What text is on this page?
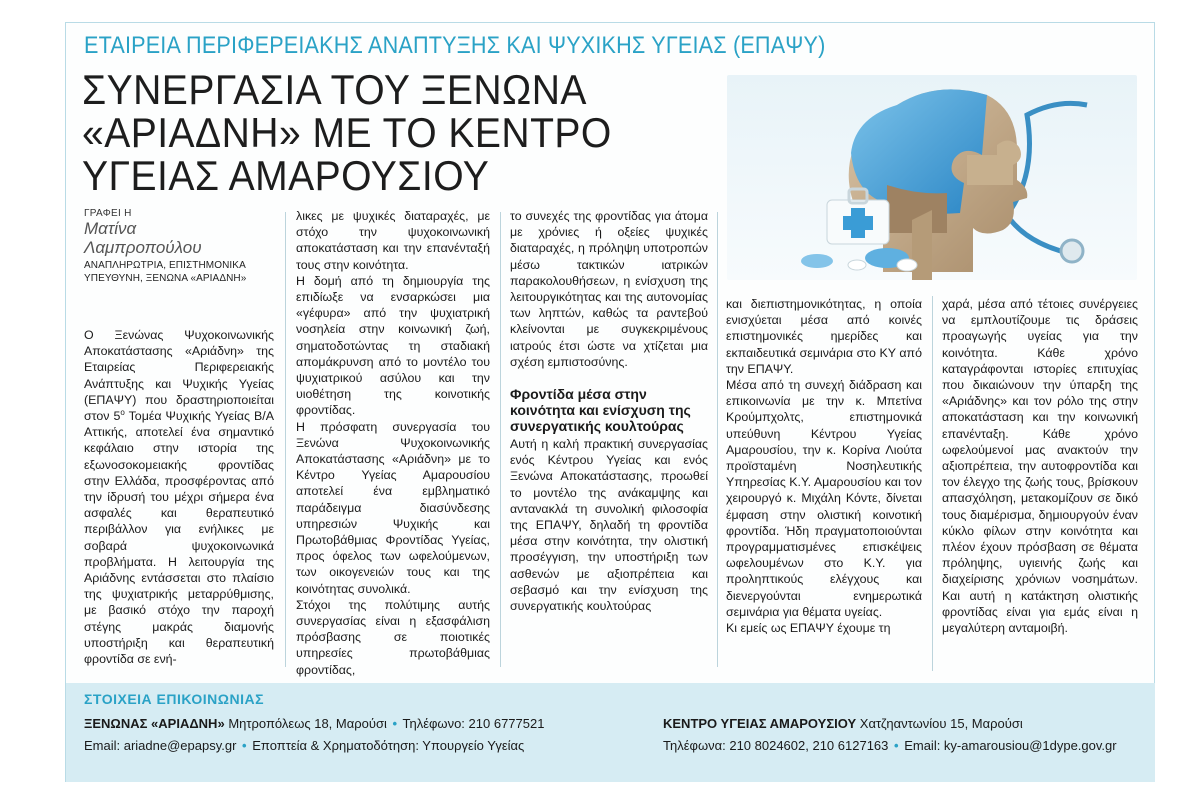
ΕΤΑΙΡΕΙΑ ΠΕΡΙΦΕΡΕΙΑΚΗΣ ΑΝΑΠΤΥΞΗΣ ΚΑΙ ΨΥΧΙΚΗΣ ΥΓΕΙΑΣ (ΕΠΑΨΥ)
ΣΥΝΕΡΓΑΣΙΑ ΤΟΥ ΞΕΝΩΝΑ
«ΑΡΙΑΔΝΗ» ΜΕ ΤΟ ΚΕΝΤΡΟ
ΥΓΕΙΑΣ ΑΜΑΡΟΥΣΙΟΥ
ΓΡΑΦΕΙ Η
Ματίνα
Λαμπροπούλου
ΑΝΑΠΛΗΡΩΤΡΙΑ, ΕΠΙΣΤΗΜΟΝΙΚΑ
ΥΠΕΥΘΥΝΗ, ΞΕΝΩΝΑ «ΑΡΙΑΔΝΗ»

Ο Ξενώνας Ψυχοκοινωνικής Αποκατάστασης «Αριάδνη» της Εταιρείας Περιφερειακής Ανάπτυξης και Ψυχικής Υγείας (ΕΠΑΨΥ) που δραστηριοποιείται στον $5^o$ Τομέα Ψυχικής Υγείας Β/Α Αττικής, αποτελεί ένα σημαντικό κεφάλαιο στην ιστορία της εξωνοσοκομειακής φροντίδας στην Ελλάδα, προσφέροντας από την ίδρυσή του μέχρι σήμερα ένα ασφαλές και θεραπευτικό περιβάλλον για ενήλικες με σοβαρά ψυχοκοινωνικά προβλήματα. Η λειτουργία της Αριάδνης εντάσσεται στο πλαίσιο της ψυχιατρικής μεταρρύθμισης, με βασικό στόχο την παροχή στέγης μακράς διαμονής υποστήριξη και θεραπευτική φροντίδα σε ενή-

λικες με ψυχικές διαταραχές, με στόχο την ψυχοκοινωνική αποκατάσταση και την επανένταξή τους στην κοινότητα.

Η δομή από τη δημιουργία της επιδίωξε να ενσαρκώσει μια «γέφυρα» από την ψυχιατρική νοσηλεία στην κοινωνική ζωή, σηματοδοτώντας τη σταδιακή απομάκρυνση από το μοντέλο του ψυχιατρικού ασύλου και την υιοθέτηση της κοινοτικής φροντίδας.

Η πρόσφατη συνεργασία του Ξενώνα Ψυχοκοινωνικής Αποκατάστασης «Αριάδνη» με το Κέντρο Υγείας Αμαρουσίου αποτελεί ένα εμβληματικό παράδειγμα διασύνδεσης υπηρεσιών Ψυχικής και Πρωτοβάθμιας Φροντίδας Υγείας, προς όφελος των ωφελούμενων, των οικογενειών τους και της κοινότητας συνολικά.

Στόχοι της πολύτιμης αυτής συνεργασίας είναι η εξασφάλιση πρόσβασης σε ποιοτικές υπηρεσίες πρωτοβάθμιας φροντίδας,

το συνεχές της φροντίδας για άτομα με χρόνιες ή οξείες ψυχικές διαταραχές, η πρόληψη υποτροπών μέσω τακτικών ιατρικών παρακολουθήσεων, η ενίσχυση της λειτουργικότητας και της αυτονομίας των ληπτών, καθώς τα ραντεβού κλείνονται με συγκεκριμένους ιατρούς έτσι ώστε να χτίζεται μια σχέση εμπιστοσύνης.

Φροντίδα μέσα στην κοινότητα και ενίσχυση της συνεργατικής κουλτούρας

Αυτή η καλή πρακτική συνεργασίας ενός Κέντρου Υγείας και ενός Ξενώνα Αποκατάστασης, προωθεί το μοντέλο της ανάκαμψης και αντανακλά τη συνολική φιλοσοφία της ΕΠΑΨΥ, δηλαδή τη φροντίδα μέσα στην κοινότητα, την ολιστική προσέγγιση, την υποστήριξη των ασθενών με αξιοπρέπεια και σεβασμό και την ενίσχυση της συνεργατικής κουλτούρας

και διεπιστημονικότητας, η οποία ενισχύεται μέσα από κοινές επιστημονικές ημερίδες και εκπαιδευτικά σεμινάρια στο ΚΥ από την ΕΠΑΨΥ.

Μέσα από τη συνεχή διάδραση και επικοινωνία με την κ. Μπετίνα Κρούμπχολτς, επιστημονικά υπεύθυνη Κέντρου Υγείας Αμαρουσίου, την κ. Κορίνα Λιούτα προϊσταμένη Νοσηλευτικής Υπηρεσίας Κ.Υ. Αμαρουσίου και τον χειρουργό κ. Μιχάλη Κόντε, δίνεται έμφαση στην ολιστική κοινοτική φροντίδα. Ήδη πραγματοποιούνται προγραμματισμένες επισκέψεις ωφελουμένων στο Κ.Υ. για προληπτικούς ελέγχους και διενεργούνται ενημερωτικά σεμινάρια για θέματα υγείας.

Κι εμείς ως ΕΠΑΨΥ έχουμε τη

χαρά, μέσα από τέτοιες συνέργειες να εμπλουτίζουμε τις δράσεις προαγωγής υγείας για την κοινότητα. Κάθε χρόνο καταγράφονται ιστορίες επιτυχίας που δικαιώνουν την ύπαρξη της «Αριάδνης» και τον ρόλο της στην αποκατάσταση και την κοινωνική επανένταξη. Κάθε χρόνο ωφελούμενοί μας ανακτούν την αξιοπρέπεια, την αυτοφροντίδα και τον έλεγχο της ζωής τους, βρίσκουν απασχόληση, μετακομίζουν σε δικό τους διαμέρισμα, δημιουργούν έναν κύκλο φίλων στην κοινότητα και πλέον έχουν πρόσβαση σε θέματα πρόληψης, υγιεινής ζωής και διαχείρισης χρόνιων νοσημάτων. Και αυτή η κατάκτηση ολιστικής φροντίδας είναι για εμάς είναι η μεγαλύτερη ανταμοιβή.

ΣΤΟΙΧΕΙΑ ΕΠΙΚΟΙΝΩΝΙΑΣ
ΞΕΝΩΝΑΣ «ΑΡΙΑΔΝΗ» Μητροπόλεως 18, Μαρούσι • Τηλέφωνο: 210 6777521
Email: ariadne@epapsy.gr • Εποπτεία & Χρηματοδότηση: Υπουργείο Υγείας
ΚΕΝΤΡΟ ΥΓΕΙΑΣ ΑΜΑΡΟΥΣΙΟΥ Χατζηαντωνίου 15, Μαρούσι
Τηλέφωνα: 210 8024602, 210 6127163 • Email: ky-amarousiou@1dype.gov.gr
